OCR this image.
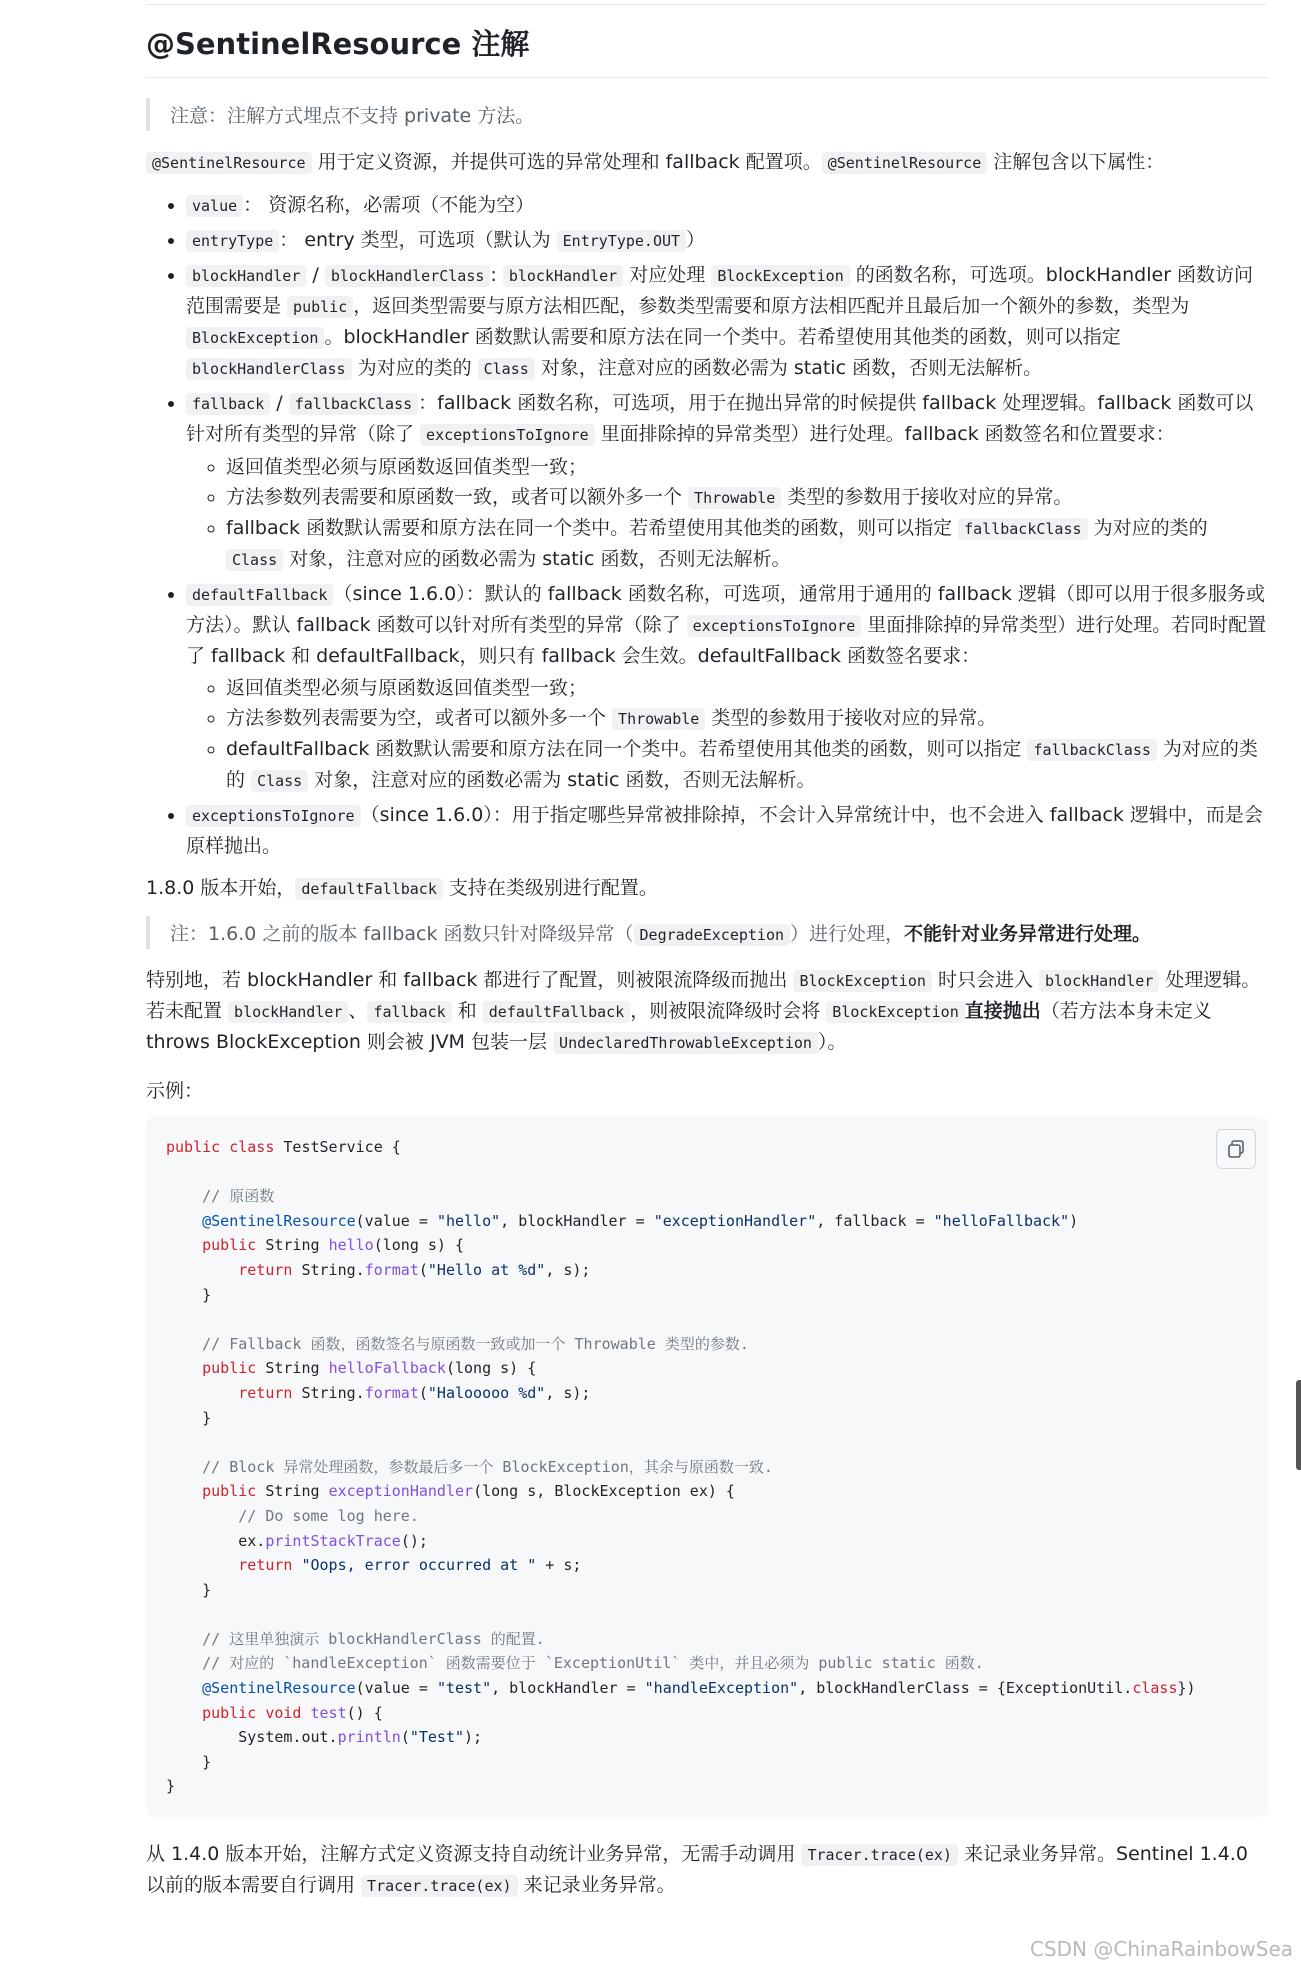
@SentinelResource 注解
注意：注解方式埋点不支持 private 方法。

@SentinelResource 用于定义资源，并提供可选的异常处理和 fallback 配置项。 @SentinelResource 注解包含以下属性：

• value ： 资源名称，必需项（不能为空）
• entryType ： entry 类型，可选项（默认为 EntryType.OUT ）
• blockHandler / blockHandlerClass : blockHandler 对应处理 BlockException 的函数名称，可选项。blockHandler 函数访问范围需要是 public ，返回类型需要与原方法相匹配，参数类型需要和原方法相匹配并且最后加一个额外的参数，类型为 BlockException 。blockHandler 函数默认需要和原方法在同一个类中。若希望使用其他类的函数，则可以指定 blockHandlerClass 为对应的类的 Class 对象，注意对应的函数必需为 static 函数，否则无法解析。
• fallback / fallbackClass ：fallback 函数名称，可选项，用于在抛出异常的时候提供 fallback 处理逻辑。fallback 函数可以针对所有类型的异常（除了 exceptionsToIgnore 里面排除掉的异常类型）进行处理。fallback 函数签名和位置要求：
◦ 返回值类型必须与原函数返回值类型一致；
◦ 方法参数列表需要和原函数一致，或者可以额外多一个 Throwable 类型的参数用于接收对应的异常。
◦ fallback 函数默认需要和原方法在同一个类中。若希望使用其他类的函数，则可以指定 fallbackClass 为对应的类的 Class 对象，注意对应的函数必需为 static 函数，否则无法解析。
• defaultFallback （since 1.6.0）：默认的 fallback 函数名称，可选项，通常用于通用的 fallback 逻辑（即可以用于很多服务或方法）。默认 fallback 函数可以针对所有类型的异常（除了 exceptionsToIgnore 里面排除掉的异常类型）进行处理。若同时配置了 fallback 和 defaultFallback，则只有 fallback 会生效。defaultFallback 函数签名要求：
◦ 返回值类型必须与原函数返回值类型一致；
◦ 方法参数列表需要为空，或者可以额外多一个 Throwable 类型的参数用于接收对应的异常。
◦ defaultFallback 函数默认需要和原方法在同一个类中。若希望使用其他类的函数，则可以指定 fallbackClass 为对应的类的 Class 对象，注意对应的函数必需为 static 函数，否则无法解析。
• exceptionsToIgnore （since 1.6.0）：用于指定哪些异常被排除掉，不会计入异常统计中，也不会进入 fallback 逻辑中，而是会原样抛出。

1.8.0 版本开始， defaultFallback 支持在类级别进行配置。

注：1.6.0 之前的版本 fallback 函数只针对降级异常（ DegradeException ）进行处理，不能针对业务异常进行处理。

特别地，若 blockHandler 和 fallback 都进行了配置，则被限流降级而抛出 BlockException 时只会进入 blockHandler 处理逻辑。若未配置 blockHandler 、 fallback 和 defaultFallback ，则被限流降级时会将 BlockException 直接抛出（若方法本身未定义 throws BlockException 则会被 JVM 包装一层 UndeclaredThrowableException ）。

示例：
public class TestService {

// 原函数
@SentinelResource(value = "hello", blockHandler = "exceptionHandler", fallback = "helloFallback")
public String hello(long s) {
return String.format("Hello at %d", s);
}

// Fallback 函数，函数签名与原函数一致或加一个 Throwable 类型的参数.
public String helloFallback(long s) {
return String.format("Halooooo %d", s);
}

// Block 异常处理函数，参数最后多一个 BlockException，其余与原函数一致.
public String exceptionHandler(long s, BlockException ex) {
// Do some log here.
ex.printStackTrace();
return "Oops, error occurred at " + s;
}

// 这里单独演示 blockHandlerClass 的配置.
// 对应的 `handleException` 函数需要位于 `ExceptionUtil` 类中，并且必须为 public static 函数.
@SentinelResource(value = "test", blockHandler = "handleException", blockHandlerClass = {ExceptionUtil.class})
public void test() {
System.out.println("Test");
}
}

从 1.4.0 版本开始，注解方式定义资源支持自动统计业务异常，无需手动调用 Tracer.trace(ex) 来记录业务异常。Sentinel 1.4.0 以前的版本需要自行调用 Tracer.trace(ex) 来记录业务异常。

CSDN @ChinaRainbowSea
